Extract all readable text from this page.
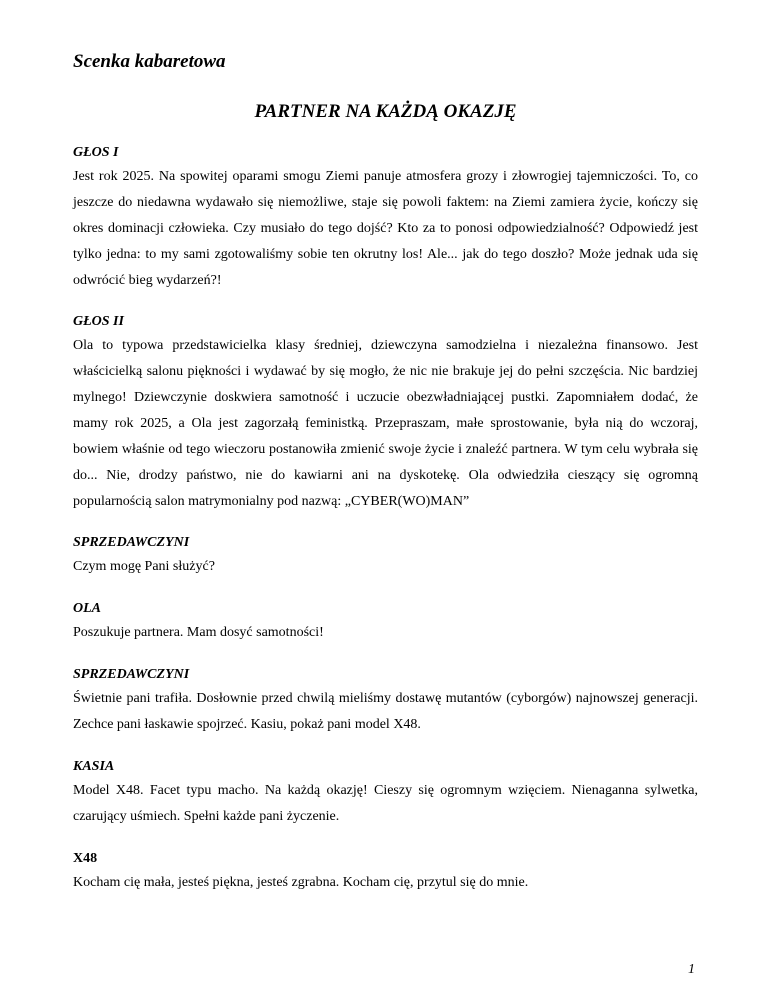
Scenka kabaretowa
PARTNER NA KAŻDĄ OKAZJĘ

GŁOS I

Jest rok 2025. Na spowitej oparami smogu Ziemi panuje atmosfera grozy i złowrogiej tajemniczości. To, co jeszcze do niedawna wydawało się niemożliwe, staje się powoli faktem: na Ziemi zamiera życie, kończy się okres dominacji człowieka. Czy musiało do tego dojść? Kto za to ponosi odpowiedzialność? Odpowiedź jest tylko jedna: to my sami zgotowaliśmy sobie ten okrutny los! Ale... jak do tego doszło? Może jednak uda się odwrócić bieg wydarzeń?!

GŁOS II

Ola to typowa przedstawicielka klasy średniej, dziewczyna samodzielna i niezależna finansowo. Jest właścicielką salonu piękności i wydawać by się mogło, że nic nie brakuje jej do pełni szczęścia. Nic bardziej mylnego! Dziewczynie doskwiera samotność i uczucie obezwładniającej pustki. Zapomniałem dodać, że mamy rok 2025, a Ola jest zagorzałą feministką. Przepraszam, małe sprostowanie, była nią do wczoraj, bowiem właśnie od tego wieczoru postanowiła zmienić swoje życie i znaleźć partnera. W tym celu wybrała się do... Nie, drodzy państwo, nie do kawiarni ani na dyskotekę. Ola odwiedziła cieszący się ogromną popularnością salon matrymonialny pod nazwą: „CYBER(WO)MAN”

SPRZEDAWCZYNI

Czym mogę Pani służyć?

OLA

Poszukuje partnera. Mam dosyć samotności!

SPRZEDAWCZYNI

Świetnie pani trafiła. Dosłownie przed chwilą mieliśmy dostawę mutantów (cyborgów) najnowszej generacji. Zechce pani łaskawie spojrzeć. Kasiu, pokaż pani model X48.

KASIA

Model X48. Facet typu macho. Na każdą okazję! Cieszy się ogromnym wzięciem. Nienaganna sylwetka, czarujący uśmiech. Spełni każde pani życzenie.

X48

Kocham cię mała, jesteś piękna, jesteś zgrabna. Kocham cię, przytul się do mnie.

1
